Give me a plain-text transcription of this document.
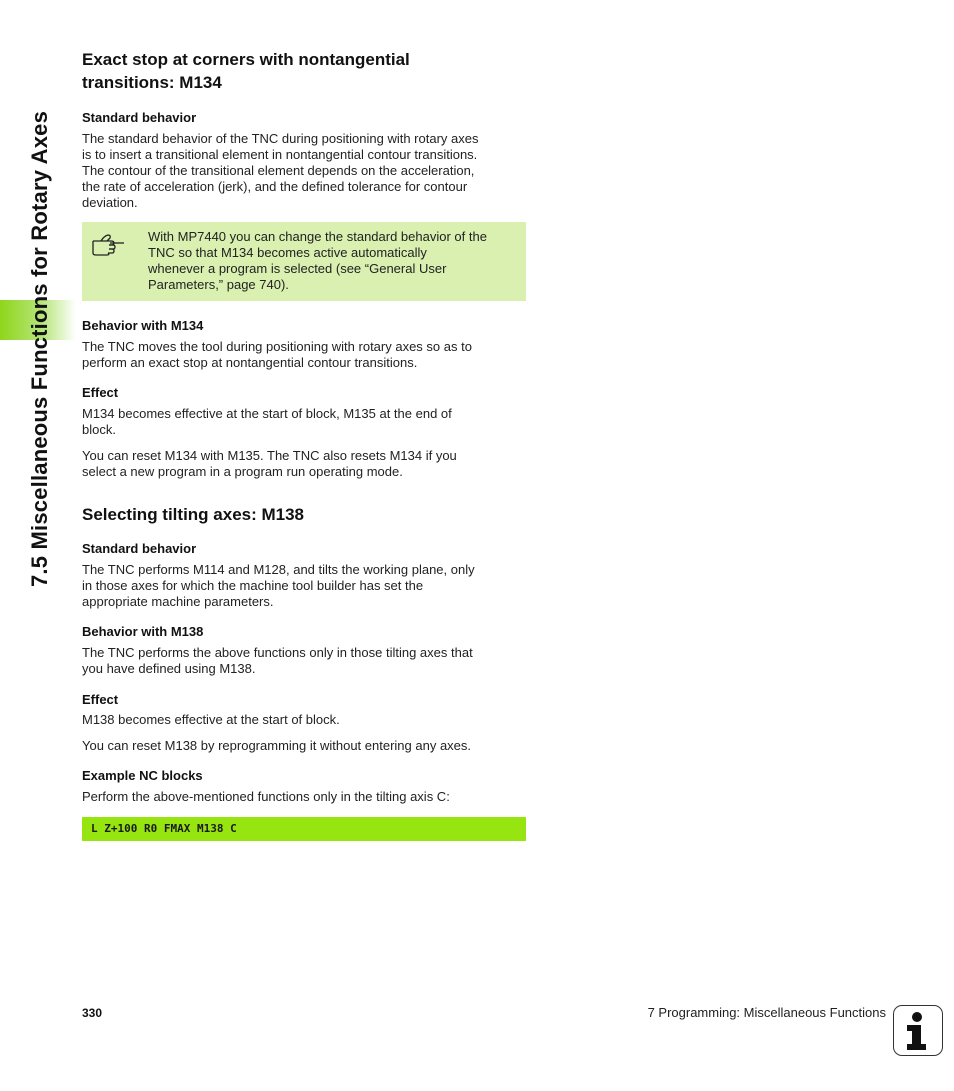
7.5 Miscellaneous Functions for Rotary Axes

Exact stop at corners with nontangential

transitions: M134

Standard behavior

The standard behavior of the TNC during positioning with rotary axes

is to insert a transitional element in nontangential contour transitions.

The contour of the transitional element depends on the acceleration,

the rate of acceleration (jerk), and the defined tolerance for contour

deviation.

With MP7440 you can change the standard behavior of the
TNC so that M134 becomes active automatically
whenever a program is selected (see “General User
Parameters,” page 740).

Behavior with M134

The TNC moves the tool during positioning with rotary axes so as to

perform an exact stop at nontangential contour transitions.

Effect

M134 becomes effective at the start of block, M135 at the end of

block.

You can reset M134 with M135. The TNC also resets M134 if you

select a new program in a program run operating mode.

Selecting tilting axes: M138

Standard behavior

The TNC performs M114 and M128, and tilts the working plane, only

in those axes for which the machine tool builder has set the

appropriate machine parameters.

Behavior with M138

The TNC performs the above functions only in those tilting axes that

you have defined using M138.

Effect

M138 becomes effective at the start of block.

You can reset M138 by reprogramming it without entering any axes.

Example NC blocks

Perform the above-mentioned functions only in the tilting axis C:

L Z+100 R0 FMAX M138 C
330	7 Programming: Miscellaneous Functions
